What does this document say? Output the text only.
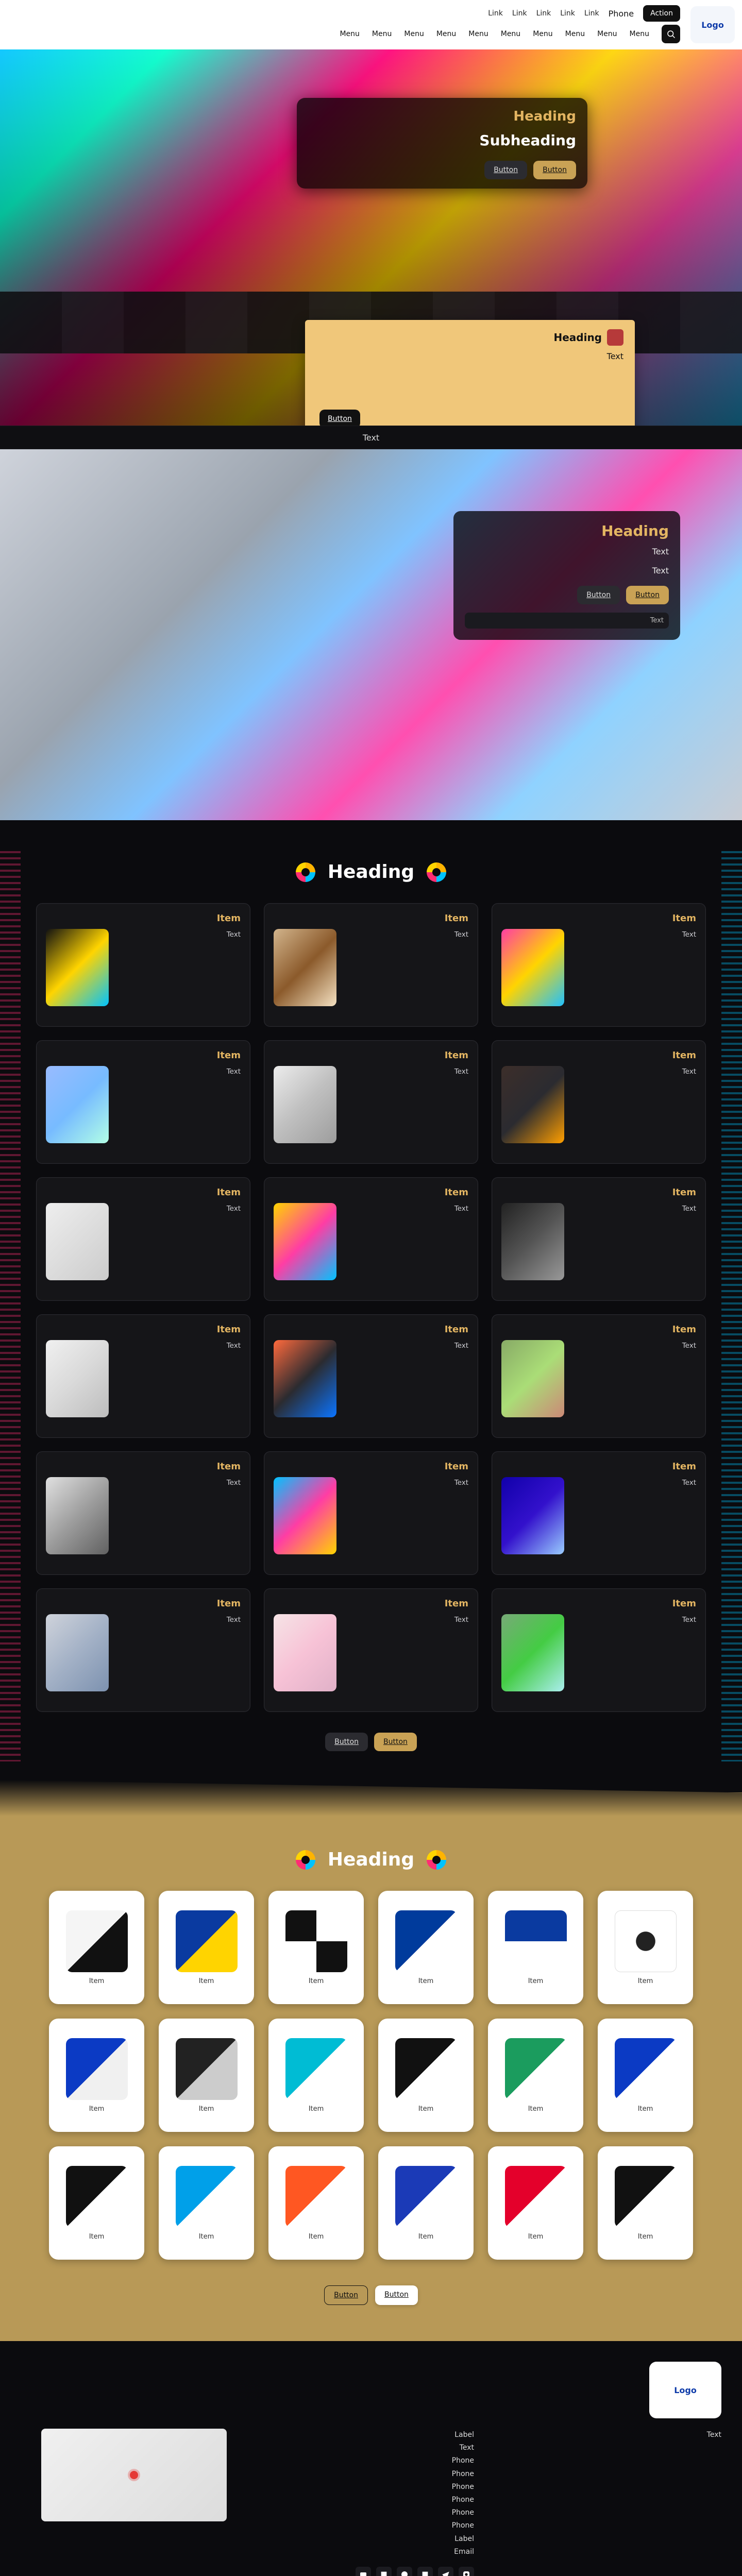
Logo
Action
Phone
Link
Link
Link
Link
Link
Menu
Menu
Menu
Menu
Menu
Menu
Menu
Menu
Menu
Menu
Heading
Subheading
Button
Button
Heading
Text
Button
Text
Heading
Text
Text
Button
Button
Text
Heading
Item
Text
Item
Text
Item
Text
Item
Text
Item
Text
Item
Text
Item
Text
Item
Text
Item
Text
Item
Text
Item
Text
Item
Text
Item
Text
Item
Text
Item
Text
Item
Text
Item
Text
Item
Text
Button
Button
Heading
Item
Item
Item
Item
Item
Item
Item
Item
Item
Item
Item
Item
Item
Item
Item
Item
Item
Item
Button
Button
Logo
Text
Label
Text
Phone
Phone
Phone
Phone
Phone
Phone
Label
Email
